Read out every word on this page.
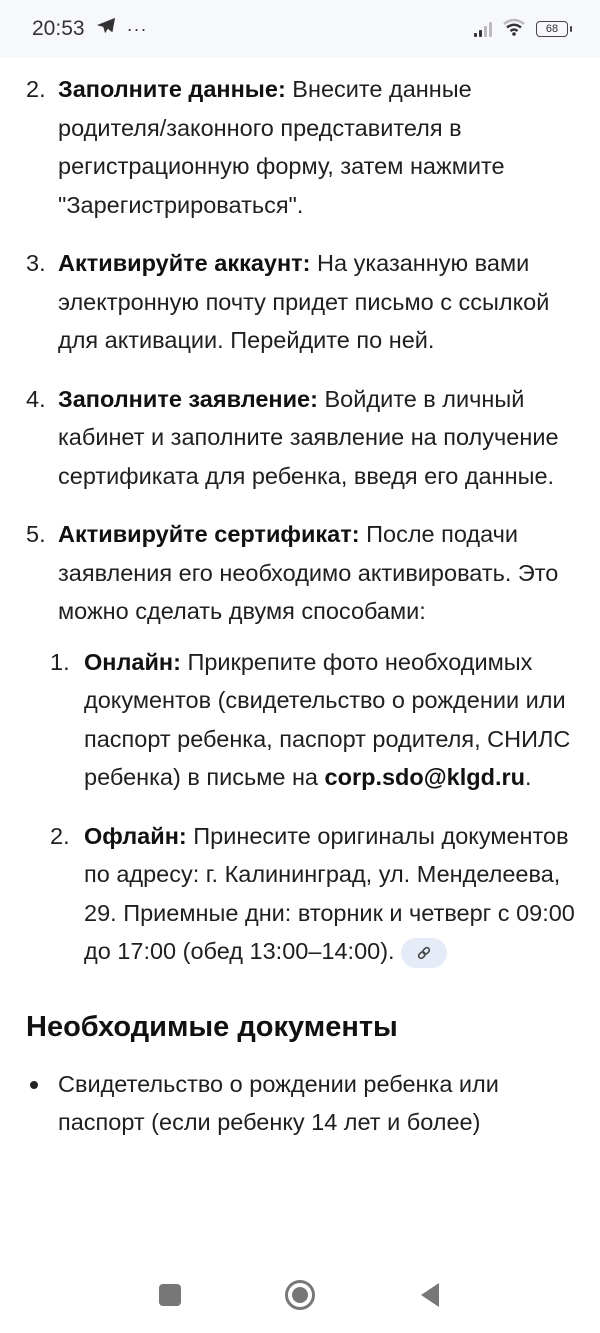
20:53 ···	68
2. Заполните данные: Внесите данные родителя/законного представителя в регистрационную форму, затем нажмите "Зарегистрироваться".
3. Активируйте аккаунт: На указанную вами электронную почту придет письмо с ссылкой для активации. Перейдите по ней.
4. Заполните заявление: Войдите в личный кабинет и заполните заявление на получение сертификата для ребенка, введя его данные.
5. Активируйте сертификат: После подачи заявления его необходимо активировать. Это можно сделать двумя способами:
1. Онлайн: Прикрепите фото необходимых документов (свидетельство о рождении или паспорт ребенка, паспорт родителя, СНИЛС ребенка) в письме на corp.sdo@klgd.ru.
2. Офлайн: Принесите оригиналы документов по адресу: г. Калининград, ул. Менделеева, 29. Приемные дни: вторник и четверг с 09:00 до 17:00 (обед 13:00–14:00).
Необходимые документы
Свидетельство о рождении ребенка или паспорт (если ребенку 14 лет и более)
